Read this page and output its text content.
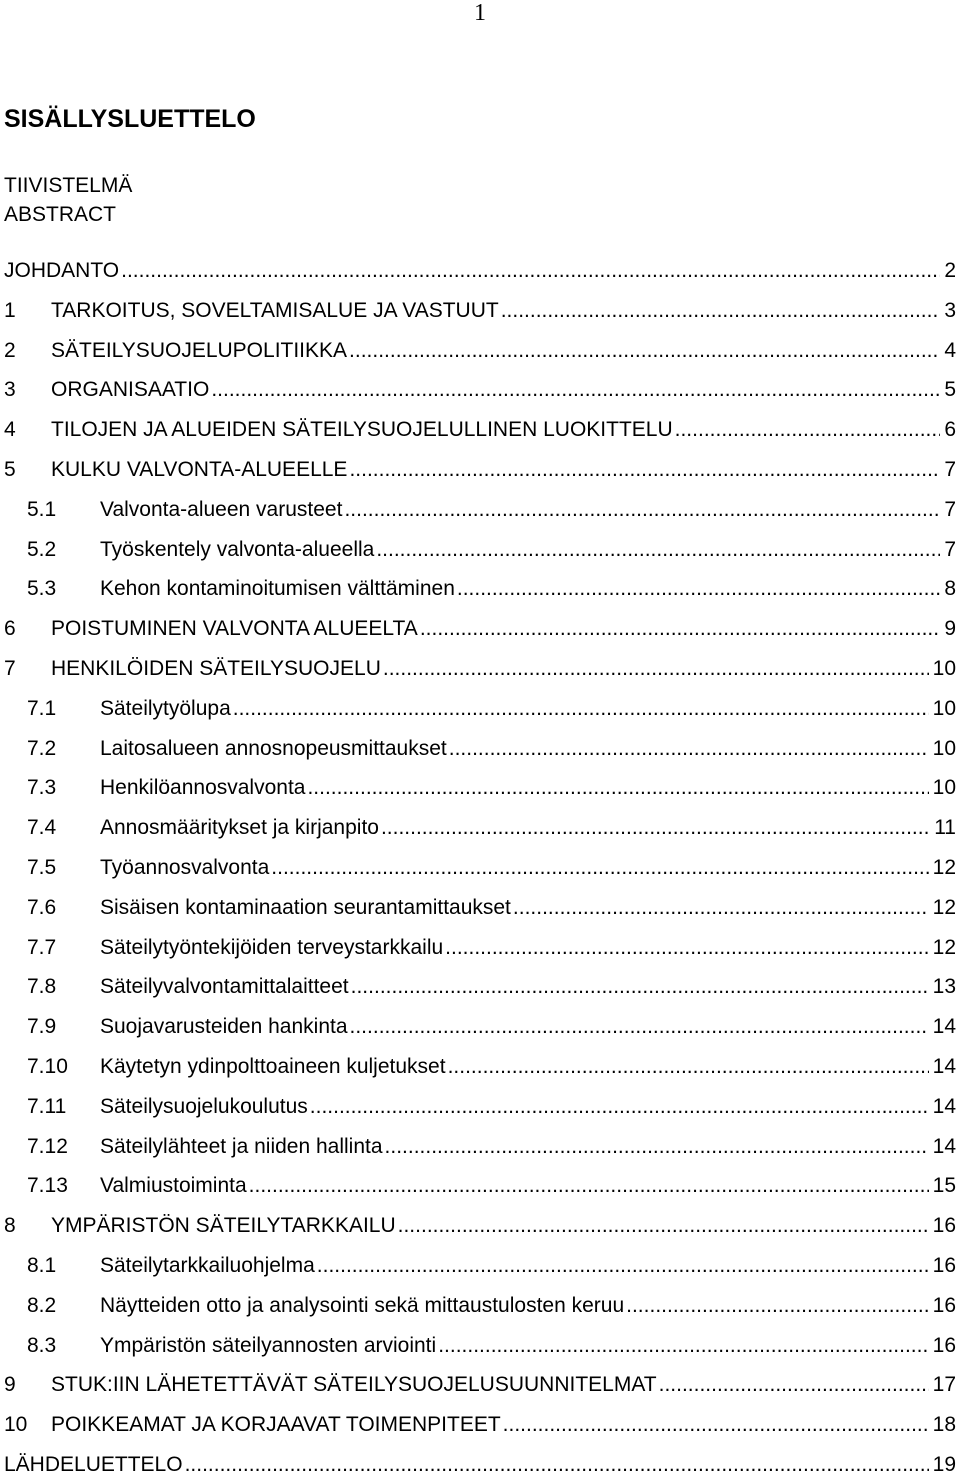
1
SISÄLLYSLUETTELO
TIIVISTELMÄ
ABSTRACT
JOHDANTO .....	2
1 TARKOITUS, SOVELTAMISALUE JA VASTUUT .....	3
2 SÄTEILYSUOJELUPOLITIIKKA .....	4
3 ORGANISAATIO .....	5
4 TILOJEN JA ALUEIDEN SÄTEILYSUOJELULLINEN LUOKITTELU .....	6
5 KULKU VALVONTA-ALUEELLE .....	7
5.1 Valvonta-alueen varusteet .....	7
5.2 Työskentely valvonta-alueella .....	7
5.3 Kehon kontaminoitumisen välttäminen .....	8
6 POISTUMINEN VALVONTA ALUEELTA .....	9
7 HENKILÖIDEN SÄTEILYSUOJELU .....	10
7.1 Säteilytyölupa .....	10
7.2 Laitosalueen annosnopeusmittaukset .....	10
7.3 Henkilöannosvalvonta .....	10
7.4 Annosmääritykset ja kirjanpito .....	11
7.5 Työannosvalvonta .....	12
7.6 Sisäisen kontaminaation seurantamittaukset .....	12
7.7 Säteilytyöntekijöiden terveystarkkailu .....	12
7.8 Säteilyvalvontamittalaitteet .....	13
7.9 Suojavarusteiden hankinta .....	14
7.10 Käytetyn ydinpolttoaineen kuljetukset .....	14
7.11 Säteilysuojelukoulutus .....	14
7.12 Säteilylähteet ja niiden hallinta .....	14
7.13 Valmiustoiminta .....	15
8 YMPÄRISTÖN SÄTEILYTARKKAILU .....	16
8.1 Säteilytarkkailuohjelma .....	16
8.2 Näytteiden otto ja analysointi sekä mittaustulosten keruu .....	16
8.3 Ympäristön säteilyannosten arviointi .....	16
9 STUK:IIN LÄHETETTÄVÄT SÄTEILYSUOJELUSUUNNITELMAT .....	17
10 POIKKEAMAT JA KORJAAVAT TOIMENPITEET .....	18
LÄHDELUETTELO .....	19
